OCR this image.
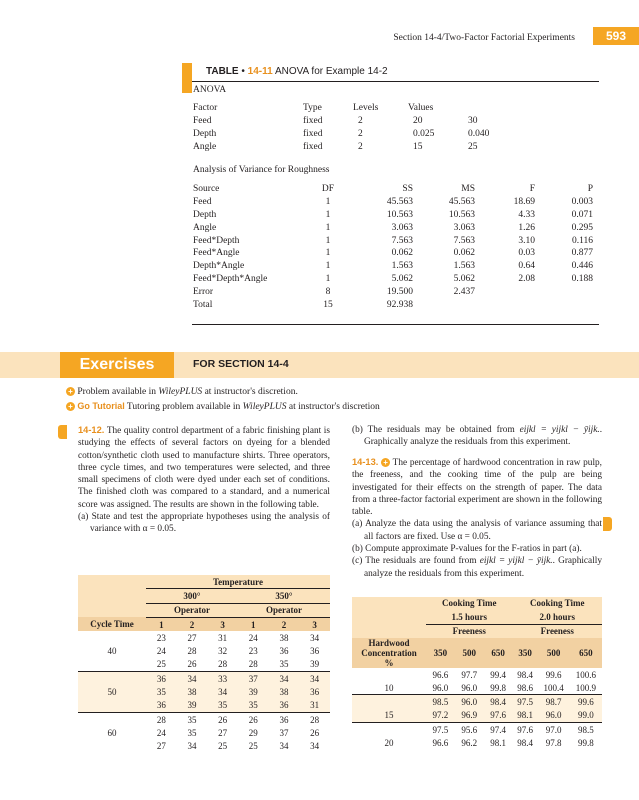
Section 14-4/Two-Factor Factorial Experiments	593
TABLE • 14-11 ANOVA for Example 14-2
ANOVA
Factor	Type	Levels	Values	
Feed	fixed	2	20	30
Depth	fixed	2	0.025	0.040
Angle	fixed	2	15	25
Analysis of Variance for Roughness
Source	DF	SS	MS	F	P
Feed	1	45.563	45.563	18.69	0.003
Depth	1	10.563	10.563	4.33	0.071
Angle	1	3.063	3.063	1.26	0.295
Feed*Depth	1	7.563	7.563	3.10	0.116
Feed*Angle	1	0.062	0.062	0.03	0.877
Depth*Angle	1	1.563	1.563	0.64	0.446
Feed*Depth*Angle	1	5.062	5.062	2.08	0.188
Error	8	19.500	2.437		
Total	15	92.938			
Exercises	FOR SECTION 14-4
+ Problem available in WileyPLUS at instructor's discretion.
+ Go Tutorial Tutoring problem available in WileyPLUS at instructor's discretion
14-12. The quality control department of a fabric finishing plant is studying the effects of several factors on dyeing for a blended cotton/synthetic cloth used to manufacture shirts. Three operators, three cycle times, and two temperatures were selected, and three small specimens of cloth were dyed under each set of conditions. The finished cloth was compared to a standard, and a numerical score was assigned. The results are shown in the following table.
(a) State and test the appropriate hypotheses using the analysis of variance with α = 0.05.
(b) The residuals may be obtained from eijkl = yijkl − ȳijk.. Graphically analyze the residuals from this experiment.
14-13. + The percentage of hardwood concentration in raw pulp, the freeness, and the cooking time of the pulp are being investigated for their effects on the strength of paper. The data from a three-factor factorial experiment are shown in the following table.
(a) Analyze the data using the analysis of variance assuming that all factors are fixed. Use α = 0.05.
(b) Compute approximate P-values for the F-ratios in part (a).
(c) The residuals are found from eijkl = yijkl − ȳijk.. Graphically analyze the residuals from this experiment.
	Temperature					
	300°			350°		
	Operator			Operator		
Cycle Time	1	2	3	1	2	3
	23	27	31	24	38	34
40	24	28	32	23	36	36
	25	26	28	28	35	39
	36	34	33	37	34	34
50	35	38	34	39	38	36
	36	39	35	35	36	31
	28	35	26	26	36	28
60	24	35	27	29	37	26
	27	34	25	25	34	34
	Cooking Time			Cooking Time		
	1.5 hours			2.0 hours		
	Freeness			Freeness		

Hardwood Concentration
%	350	500	650	350	500	650
	96.6	97.7	99.4	98.4	99.6	100.6
10	96.0	96.0	99.8	98.6	100.4	100.9
	98.5	96.0	98.4	97.5	98.7	99.6
15	97.2	96.9	97.6	98.1	96.0	99.0
	97.5	95.6	97.4	97.6	97.0	98.5
20	96.6	96.2	98.1	98.4	97.8	99.8
